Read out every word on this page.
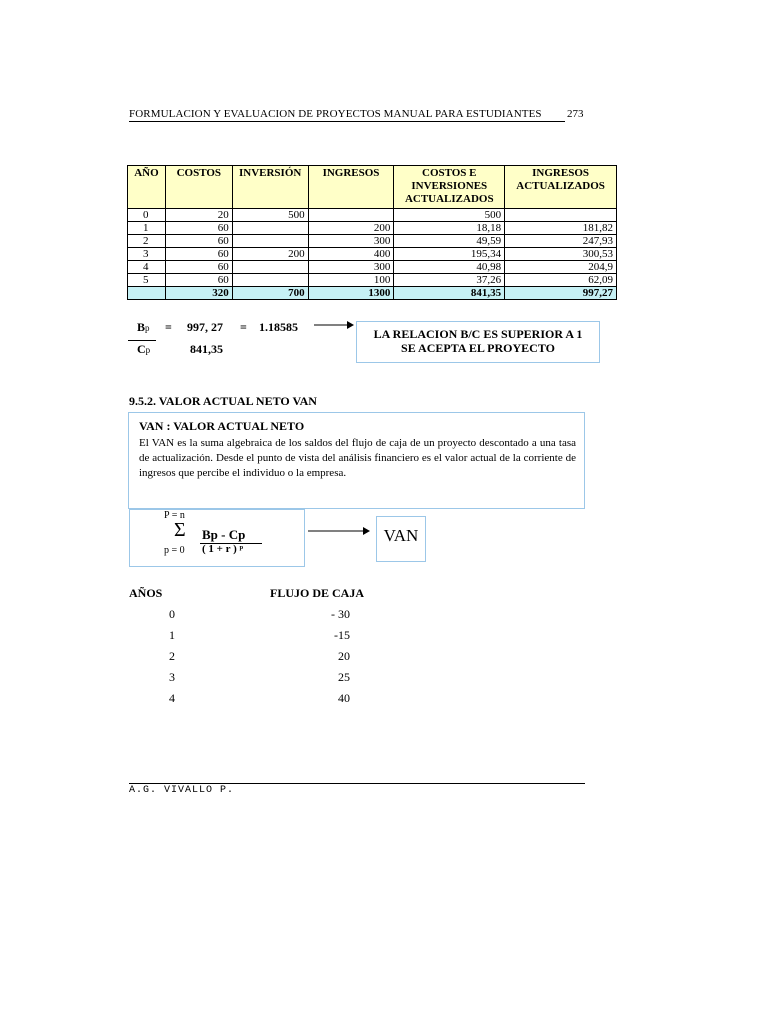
FORMULACION Y EVALUACION DE PROYECTOS MANUAL PARA ESTUDIANTES 273
AÑO	COSTOS	INVERSIÓN	INGRESOS	COSTOS E INVERSIONES ACTUALIZADOS	INGRESOS ACTUALIZADOS
0	20	500		500	
1	60		200	18,18	181,82
2	60		300	49,59	247,93
3	60	200	400	195,34	300,53
4	60		300	40,98	204,9
5	60		100	37,26	62,09
	320	700	1300	841,35	997,27
Bp = 997, 27 = 1.18585
Cp	841,35
LA RELACION B/C ES SUPERIOR A 1
SE ACEPTA EL PROYECTO
9.5.2. VALOR ACTUAL NETO VAN
VAN : VALOR ACTUAL NETO
El VAN es la suma algebraica de los saldos del flujo de caja de un proyecto descontado a una tasa de actualización. Desde el punto de vista del análisis financiero es el valor actual de la corriente de ingresos que percibe el individuo o la empresa.
P = n
Σ Bp - Cp
p = 0 ( 1 + r ) ᵖ
VAN
AÑOS	FLUJO DE CAJA
0	- 30
1	-15
2	20
3	25
4	40
A.G. VIVALLO P.
